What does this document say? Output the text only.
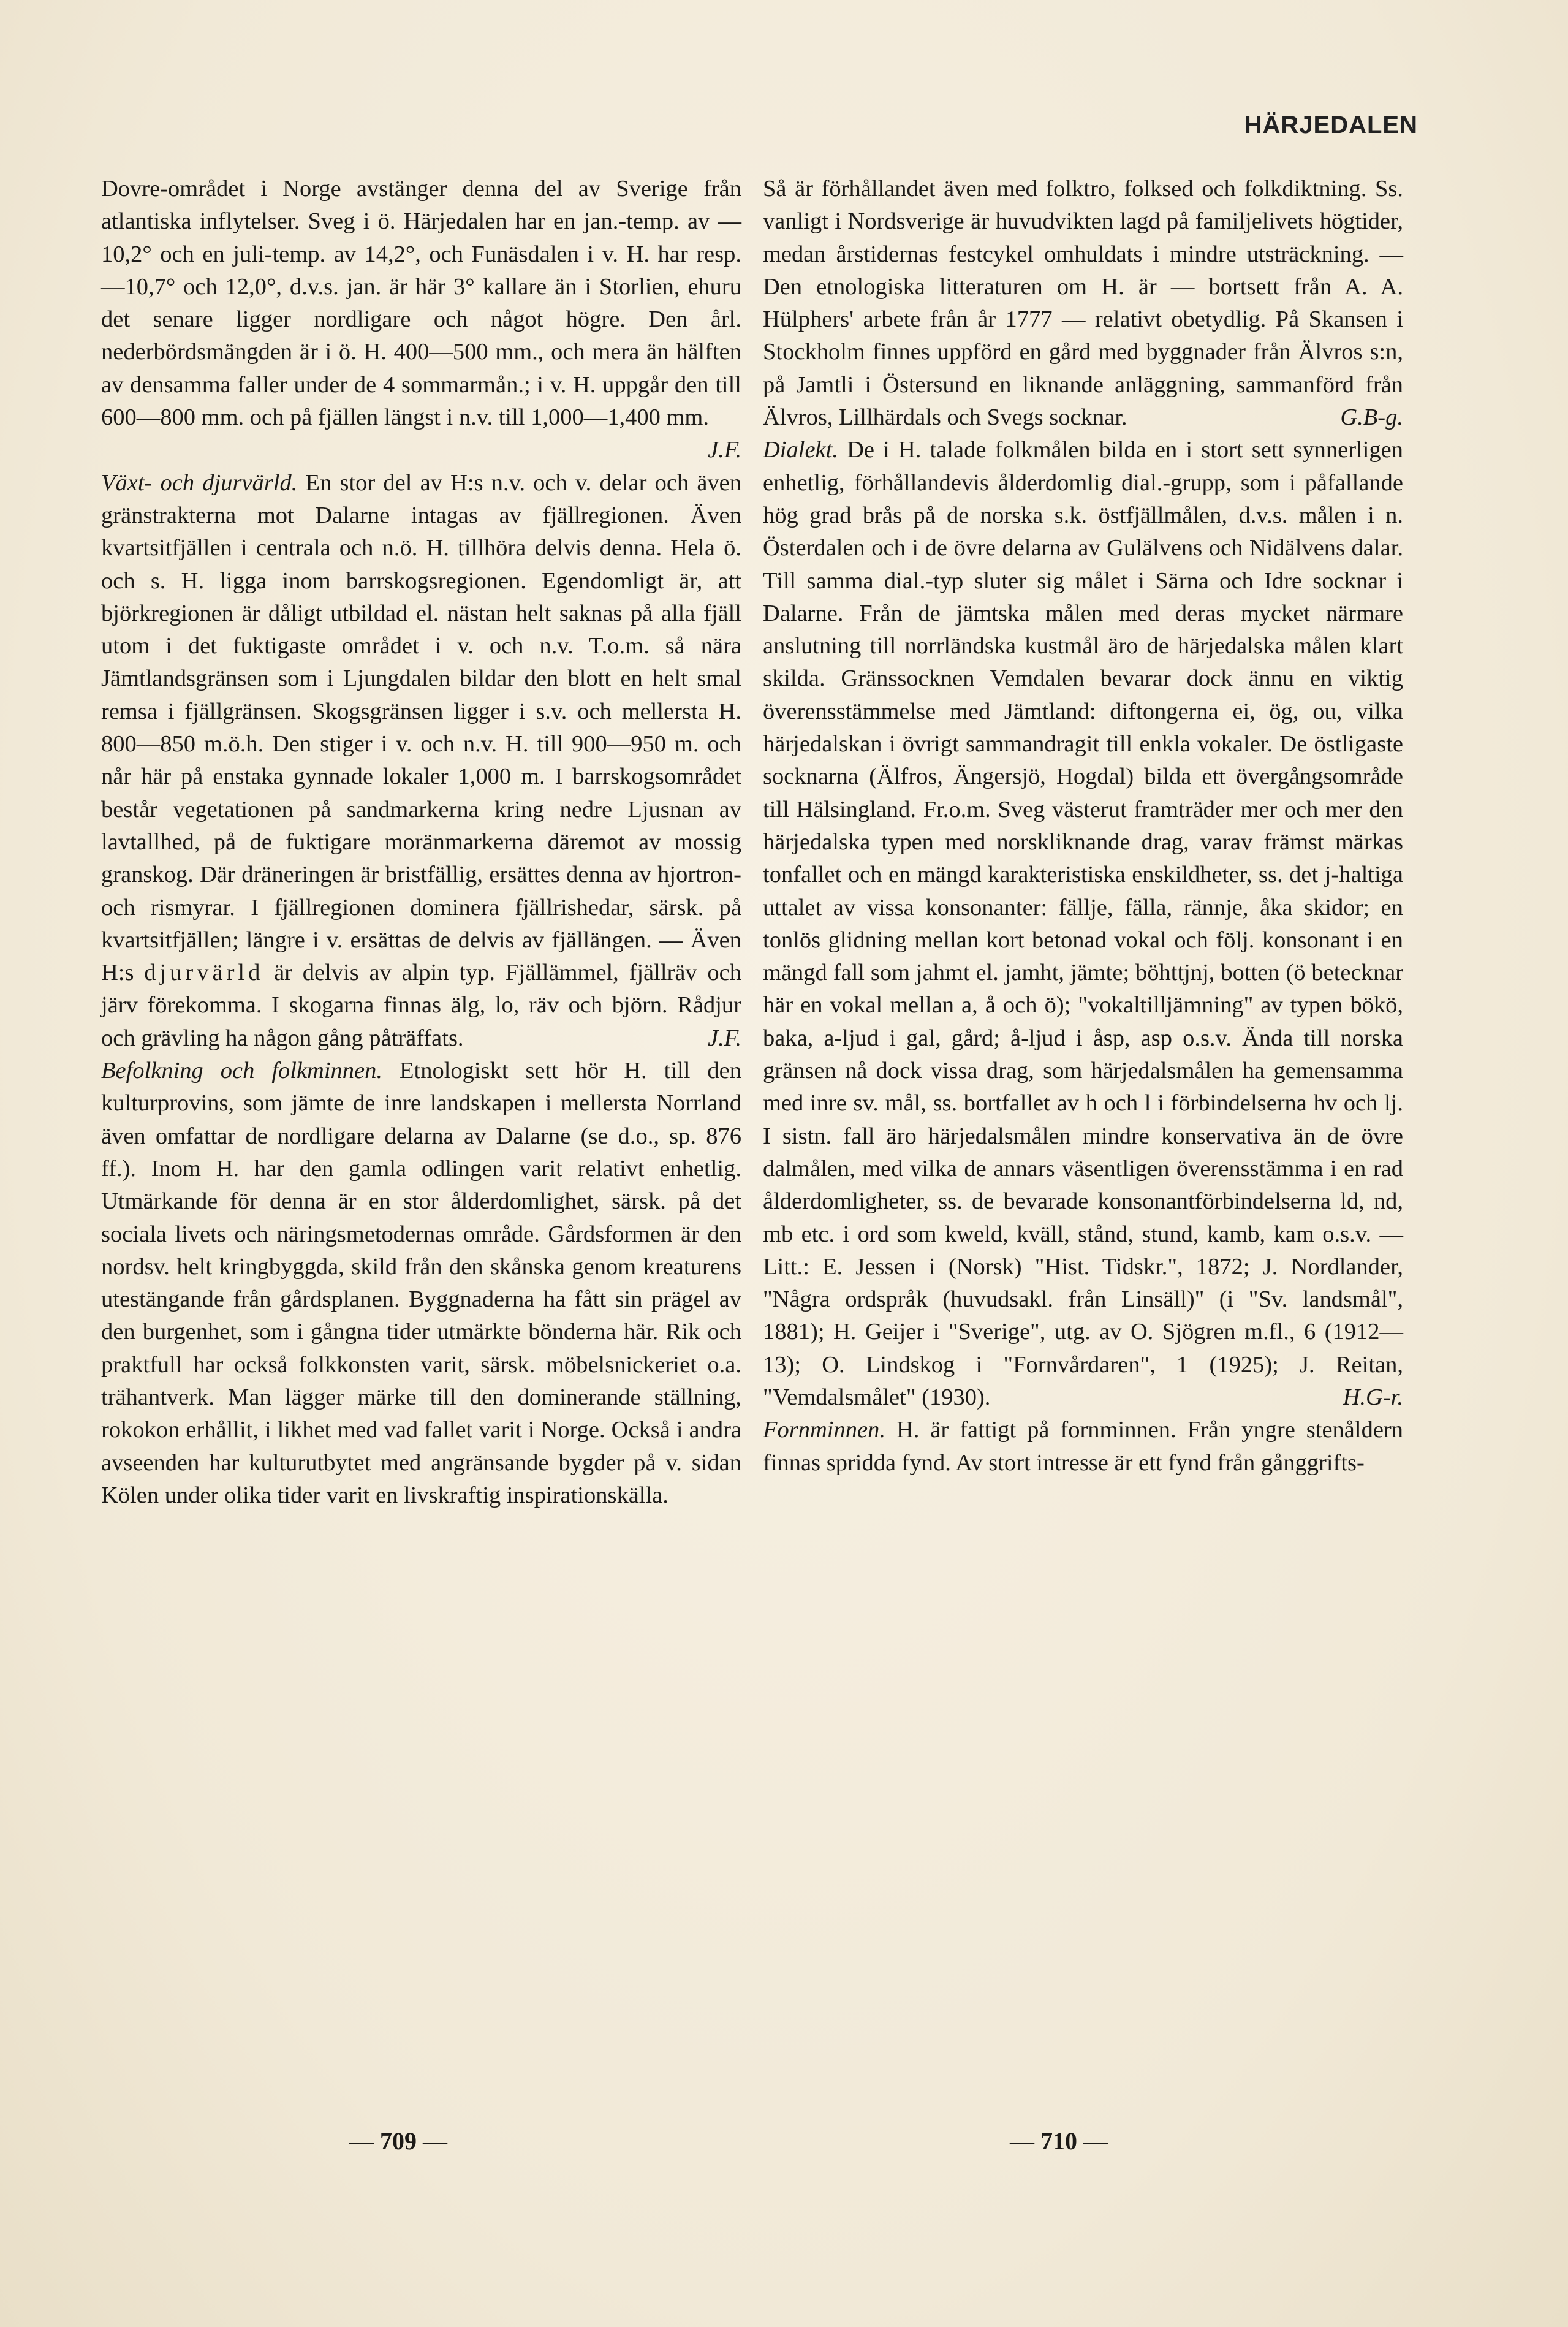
HÄRJEDALEN

Dovre-området i Norge avstänger denna del av Sverige från atlantiska inflytelser. Sveg i ö. Härjedalen har en jan.-temp. av —10,2° och en juli-temp. av 14,2°, och Funäsdalen i v. H. har resp. —10,7° och 12,0°, d.v.s. jan. är här 3° kallare än i Storlien, ehuru det senare ligger nordligare och något högre. Den årl. nederbördsmängden är i ö. H. 400—500 mm., och mera än hälften av densamma faller under de 4 sommarmån.; i v. H. uppgår den till 600—800 mm. och på fjällen längst i n.v. till 1,000—1,400 mm.
J.F.

Växt- och djurvärld. En stor del av H:s n.v. och v. delar och även gränstrakterna mot Dalarne intagas av fjällregionen. Även kvartsitfjällen i centrala och n.ö. H. tillhöra delvis denna. Hela ö. och s. H. ligga inom barrskogsregionen. Egendomligt är, att björkregionen är dåligt utbildad el. nästan helt saknas på alla fjäll utom i det fuktigaste området i v. och n.v. T.o.m. så nära Jämtlandsgränsen som i Ljungdalen bildar den blott en helt smal remsa i fjällgränsen. Skogsgränsen ligger i s.v. och mellersta H. 800—850 m.ö.h. Den stiger i v. och n.v. H. till 900—950 m. och når här på enstaka gynnade lokaler 1,000 m. I barrskogsområdet består vegetationen på sandmarkerna kring nedre Ljusnan av lavtallhed, på de fuktigare moränmarkerna däremot av mossig granskog. Där dräneringen är bristfällig, ersättes denna av hjortron- och rismyrar. I fjällregionen dominera fjällrishedar, särsk. på kvartsitfjällen; längre i v. ersättas de delvis av fjällängen. — Även H:s djurvärld är delvis av alpin typ. Fjällämmel, fjällräv och järv förekomma. I skogarna finnas älg, lo, räv och björn. Rådjur och grävling ha någon gång påträffats.	J.F.

Befolkning och folkminnen. Etnologiskt sett hör H. till den kulturprovins, som jämte de inre landskapen i mellersta Norrland även omfattar de nordligare delarna av Dalarne (se d.o., sp. 876 ff.). Inom H. har den gamla odlingen varit relativt enhetlig. Utmärkande för denna är en stor ålderdomlighet, särsk. på det sociala livets och näringsmetodernas område. Gårdsformen är den nordsv. helt kringbyggda, skild från den skånska genom kreaturens utestängande från gårdsplanen. Byggnaderna ha fått sin prägel av den burgenhet, som i gångna tider utmärkte bönderna här. Rik och praktfull har också folkkonsten varit, särsk. möbelsnickeriet o.a. trähantverk. Man lägger märke till den dominerande ställning, rokokon erhållit, i likhet med vad fallet varit i Norge. Också i andra avseenden har kulturutbytet med angränsande bygder på v. sidan Kölen under olika tider varit en livskraftig inspirationskälla.

Så är förhållandet även med folktro, folksed och folkdiktning. Ss. vanligt i Nordsverige är huvudvikten lagd på familjelivets högtider, medan årstidernas festcykel omhuldats i mindre utsträckning. — Den etnologiska litteraturen om H. är — bortsett från A. A. Hülphers' arbete från år 1777 — relativt obetydlig. På Skansen i Stockholm finnes uppförd en gård med byggnader från Älvros s:n, på Jamtli i Östersund en liknande anläggning, sammanförd från Älvros, Lillhärdals och Svegs socknar.	G.B-g.

Dialekt. De i H. talade folkmålen bilda en i stort sett synnerligen enhetlig, förhållandevis ålderdomlig dial.-grupp, som i påfallande hög grad brås på de norska s.k. östfjällmålen, d.v.s. målen i n. Österdalen och i de övre delarna av Gulälvens och Nidälvens dalar. Till samma dial.-typ sluter sig målet i Särna och Idre socknar i Dalarne. Från de jämtska målen med deras mycket närmare anslutning till norrländska kustmål äro de härjedalska målen klart skilda. Gränssocknen Vemdalen bevarar dock ännu en viktig överensstämmelse med Jämtland: diftongerna ei, ög, ou, vilka härjedalskan i övrigt sammandragit till enkla vokaler. De östligaste socknarna (Älfros, Ängersjö, Hogdal) bilda ett övergångsområde till Hälsingland. Fr.o.m. Sveg västerut framträder mer och mer den härjedalska typen med norskliknande drag, varav främst märkas tonfallet och en mängd karakteristiska enskildheter, ss. det j-haltiga uttalet av vissa konsonanter: fällje, fälla, rännje, åka skidor; en tonlös glidning mellan kort betonad vokal och följ. konsonant i en mängd fall som jahmt el. jamht, jämte; böhttjnj, botten (ö betecknar här en vokal mellan a, å och ö); "vokaltilljämning" av typen bökö, baka, a-ljud i gal, gård; å-ljud i åsp, asp o.s.v. Ända till norska gränsen nå dock vissa drag, som härjedalsmålen ha gemensamma med inre sv. mål, ss. bortfallet av h och l i förbindelserna hv och lj. I sistn. fall äro härjedalsmålen mindre konservativa än de övre dalmålen, med vilka de annars väsentligen överensstämma i en rad ålderdomligheter, ss. de bevarade konsonantförbindelserna ld, nd, mb etc. i ord som kweld, kväll, stånd, stund, kamb, kam o.s.v. — Litt.: E. Jessen i (Norsk) "Hist. Tidskr.", 1872; J. Nordlander, "Några ordspråk (huvudsakl. från Linsäll)" (i "Sv. landsmål", 1881); H. Geijer i "Sverige", utg. av O. Sjögren m.fl., 6 (1912—13); O. Lindskog i "Fornvårdaren", 1 (1925); J. Reitan, "Vemdalsmålet" (1930).	H.G-r.

Fornminnen. H. är fattigt på fornminnen. Från yngre stenåldern finnas spridda fynd. Av stort intresse är ett fynd från gånggrifts-

— 709 —	— 710 —
